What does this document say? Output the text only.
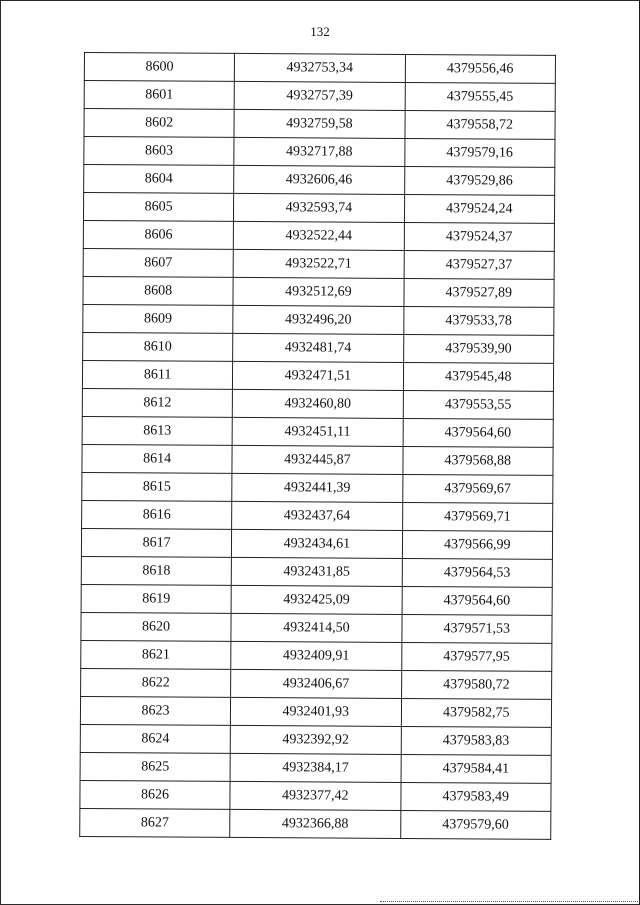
132
8600	4932753,34	4379556,46
8601	4932757,39	4379555,45
8602	4932759,58	4379558,72
8603	4932717,88	4379579,16
8604	4932606,46	4379529,86
8605	4932593,74	4379524,24
8606	4932522,44	4379524,37
8607	4932522,71	4379527,37
8608	4932512,69	4379527,89
8609	4932496,20	4379533,78
8610	4932481,74	4379539,90
8611	4932471,51	4379545,48
8612	4932460,80	4379553,55
8613	4932451,11	4379564,60
8614	4932445,87	4379568,88
8615	4932441,39	4379569,67
8616	4932437,64	4379569,71
8617	4932434,61	4379566,99
8618	4932431,85	4379564,53
8619	4932425,09	4379564,60
8620	4932414,50	4379571,53
8621	4932409,91	4379577,95
8622	4932406,67	4379580,72
8623	4932401,93	4379582,75
8624	4932392,92	4379583,83
8625	4932384,17	4379584,41
8626	4932377,42	4379583,49
8627	4932366,88	4379579,60
